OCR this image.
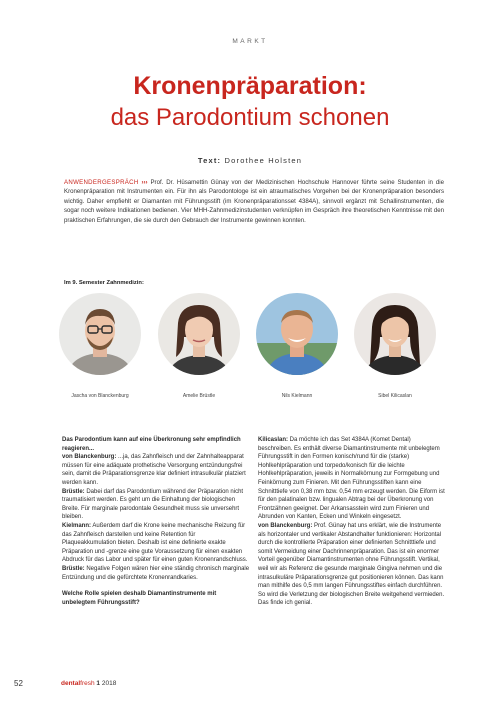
MARKT
Kronenpräparation:
das Parodontium schonen
Text: Dorothee Holsten
ANWENDERGESPRÄCH ››› Prof. Dr. Hüsamettin Günay von der Medizinischen Hochschule Hannover führte seine Studenten in die Kronenpräparation mit Instrumenten ein. Für ihn als Parodontologe ist ein atraumatisches Vorgehen bei der Kronenpräparation besonders wichtig. Daher empfiehlt er Diamanten mit Führungsstift (im Kronenpräparationsset 4384A), sinnvoll ergänzt mit Schallinstrumenten, die sogar noch weitere Indikationen bedienen. Vier MHH-Zahnmedizinstudenten verknüpfen im Gespräch ihre theoretischen Kenntnisse mit den praktischen Erfahrungen, die sie durch den Gebrauch der Instrumente gewinnen konnten.
Im 9. Semester Zahnmedizin:
Jascha von Blanckenburg	Amelie Brüstle	Nils Kielmann	Sibel Kilicaslan

Das Parodontium kann auf eine Überkronung sehr empfindlich reagieren...

von Blanckenburg: ...ja, das Zahnfleisch und der Zahnhalteapparat müssen für eine adäquate prothetische Versorgung entzündungsfrei sein, damit die Präparationsgrenze klar definiert intrasulkulär platziert werden kann.

Brüstle: Dabei darf das Parodontium während der Präparation nicht traumatisiert werden. Es geht um die Einhaltung der biologischen Breite. Für marginale parodontale Gesundheit muss sie unversehrt bleiben.

Kielmann: Außerdem darf die Krone keine mechanische Reizung für das Zahnfleisch darstellen und keine Retention für Plaqueakkumulation bieten. Deshalb ist eine definierte exakte Präparation und -grenze eine gute Voraussetzung für einen exakten Abdruck für das Labor und später für einen guten Kronenrandschluss.

Brüstle: Negative Folgen wären hier eine ständig chronisch marginale Entzündung und die gefürchtete Kronenrandkaries.

Welche Rolle spielen deshalb Diamantinstrumente mit unbelegtem Führungsstift?

Kilicaslan: Da möchte ich das Set 4384A (Komet Dental) beschreiben. Es enthält diverse Diamantinstrumente mit unbelegtem Führungsstift in den Formen konisch/rund für die (starke) Hohlkehlpräparation und torpedo/konisch für die leichte Hohlkehlpräparation, jeweils in Normalkörnung zur Formgebung und Feinkörnung zum Finieren. Mit den Führungsstiften kann eine Schnitttiefe von 0,38 mm bzw. 0,54 mm erzeugt werden. Die Eiform ist für den palatinalen bzw. lingualen Abtrag bei der Überkronung von Frontzähnen geeignet. Der Arkansasstein wird zum Finieren und Abrunden von Kanten, Ecken und Winkeln eingesetzt.

von Blanckenburg: Prof. Günay hat uns erklärt, wie die Instrumente als horizontaler und vertikaler Abstandhalter funktionieren: Horizontal durch die kontrollierte Präparation einer definierten Schnitttiefe und somit Vermeidung einer Dachrinnenpräparation. Das ist ein enormer Vorteil gegenüber Diamantinstrumenten ohne Führungsstift. Vertikal, weil wir als Referenz die gesunde marginale Gingiva nehmen und die intrasulkuläre Präparationsgrenze gut positionieren können. Das kann man mithilfe des 0,5 mm langen Führungsstiftes einfach durchführen. So wird die Verletzung der biologischen Breite weitgehend vermieden. Das finde ich genial.

52	dentalfresh 1 2018
